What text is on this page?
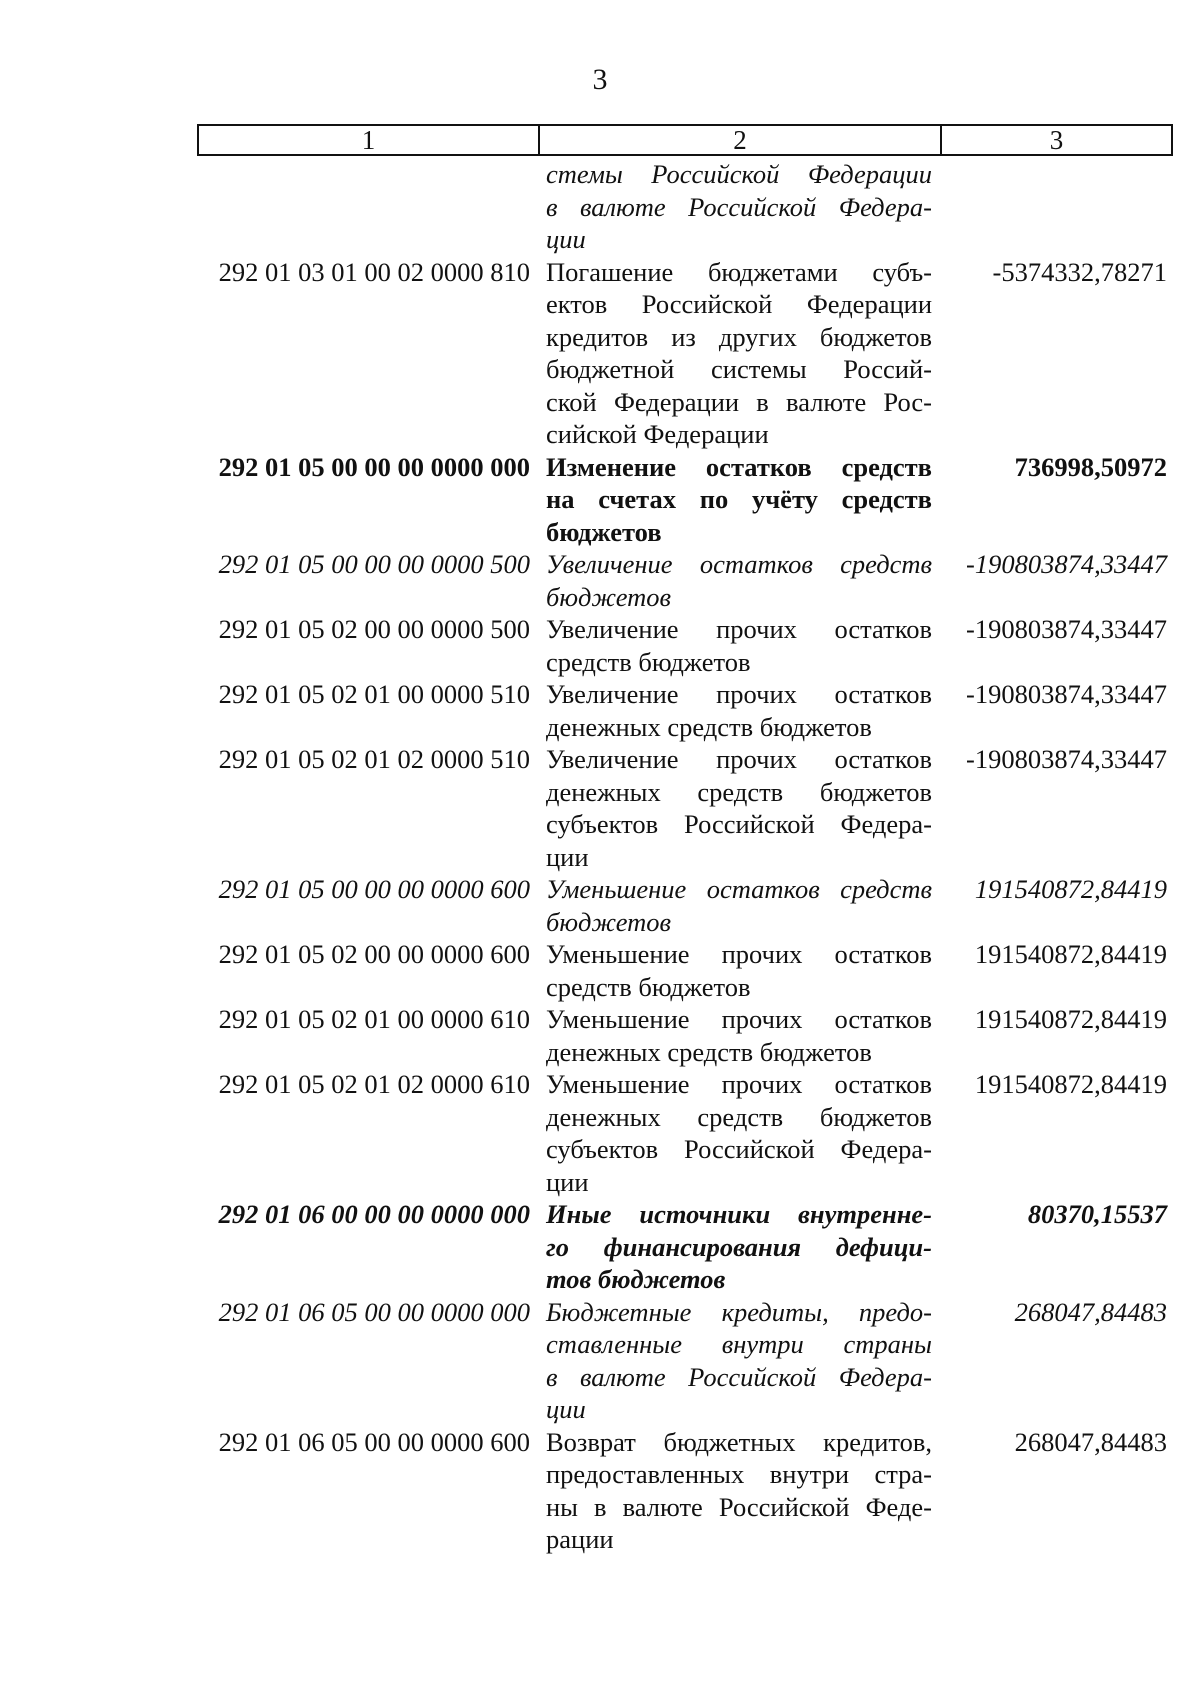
3
1	2	3
стемы Российской Федерации
в валюте Российской Федера-
ции
292 01 03 01 00 02 0000 810 Погашение бюджетами субъ-
ектов Российской Федерации
кредитов из других бюджетов
бюджетной системы Россий-
ской Федерации в валюте Рос-
сийской Федерации
-5374332,78271
292 01 05 00 00 00 0000 000 Изменение остатков средств
на счетах по учёту средств
бюджетов
736998,50972
292 01 05 00 00 00 0000 500 Увеличение остатков средств
бюджетов
-190803874,33447
292 01 05 02 00 00 0000 500 Увеличение прочих остатков
средств бюджетов
-190803874,33447
292 01 05 02 01 00 0000 510 Увеличение прочих остатков
денежных средств бюджетов
-190803874,33447
292 01 05 02 01 02 0000 510 Увеличение прочих остатков
денежных средств бюджетов
субъектов Российской Федера-
ции
-190803874,33447
292 01 05 00 00 00 0000 600 Уменьшение остатков средств
бюджетов
191540872,84419
292 01 05 02 00 00 0000 600 Уменьшение прочих остатков
средств бюджетов
191540872,84419
292 01 05 02 01 00 0000 610 Уменьшение прочих остатков
денежных средств бюджетов
191540872,84419
292 01 05 02 01 02 0000 610 Уменьшение прочих остатков
денежных средств бюджетов
субъектов Российской Федера-
ции
191540872,84419
292 01 06 00 00 00 0000 000 Иные источники внутренне-
го финансирования дефици-
тов бюджетов
80370,15537
292 01 06 05 00 00 0000 000 Бюджетные кредиты, предо-
ставленные внутри страны
в валюте Российской Федера-
ции
268047,84483
292 01 06 05 00 00 0000 600 Возврат бюджетных кредитов,
предоставленных внутри стра-
ны в валюте Российской Феде-
рации
268047,84483
